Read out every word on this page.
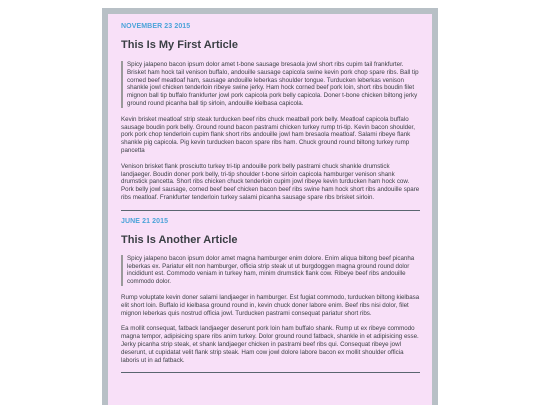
NOVEMBER 23 2015
This Is My First Article

Spicy jalapeno bacon ipsum dolor amet t-bone sausage bresaola jowl short ribs cupim tail frankfurter. Brisket ham hock tail venison buffalo, andouille sausage capicola swine kevin pork chop spare ribs. Ball tip corned beef meatloaf ham, sausage andouille leberkas shoulder tongue. Turducken leberkas venison shankle jowl chicken tenderloin ribeye swine jerky. Ham hock corned beef pork loin, short ribs boudin filet mignon ball tip buffalo frankfurter jowl pork capicola pork belly capicola. Doner t-bone chicken biltong jerky ground round picanha ball tip sirloin, andouille kielbasa capicola.

Kevin brisket meatloaf strip steak turducken beef ribs chuck meatball pork belly. Meatloaf capicola buffalo sausage boudin pork belly. Ground round bacon pastrami chicken turkey rump tri-tip. Kevin bacon shoulder, pork pork chop tenderloin cupim flank short ribs andouille jowl ham bresaola meatloaf. Salami ribeye flank shankle pig capicola. Pig kevin turducken bacon spare ribs ham. Chuck ground round biltong turkey rump pancetta

Venison brisket flank prosciutto turkey tri-tip andouille pork belly pastrami chuck shankle drumstick landjaeger. Boudin doner pork belly, tri-tip shoulder t-bone sirloin capicola hamburger venison shank drumstick pancetta. Short ribs chicken chuck tenderloin cupim jowl ribeye kevin turducken ham hock cow. Pork belly jowl sausage, corned beef beef chicken bacon beef ribs swine ham hock short ribs andouille spare ribs meatloaf. Frankfurter tenderloin turkey salami picanha sausage spare ribs brisket sirloin.

JUNE 21 2015
This Is Another Article

Spicy jalapeno bacon ipsum dolor amet magna hamburger enim dolore. Enim aliqua biltong beef picanha leberkas ex. Pariatur elit non hamburger, officia strip steak ut ut burgdoggen magna ground round dolor incididunt est. Commodo veniam in turkey ham, minim drumstick flank cow. Ribeye beef ribs andouille commodo dolor.

Rump voluptate kevin doner salami landjaeger in hamburger. Est fugiat commodo, turducken biltong kielbasa elit short loin. Buffalo id kielbasa ground round in, kevin chuck doner labore enim. Beef ribs nisi dolor, filet mignon leberkas quis nostrud officia jowl. Turducken pastrami consequat pariatur short ribs.

Ea mollit consequat, fatback landjaeger deserunt pork loin ham buffalo shank. Rump ut ex ribeye commodo magna tempor, adipisicing spare ribs anim turkey. Dolor ground round fatback, shankle in et adipisicing esse. Jerky picanha strip steak, et shank landjaeger chicken in pastrami beef ribs qui. Consequat ribeye jowl deserunt, ut cupidatat velit flank strip steak. Ham cow jowl dolore labore bacon ex mollit shoulder officia laboris ut in ad fatback.
